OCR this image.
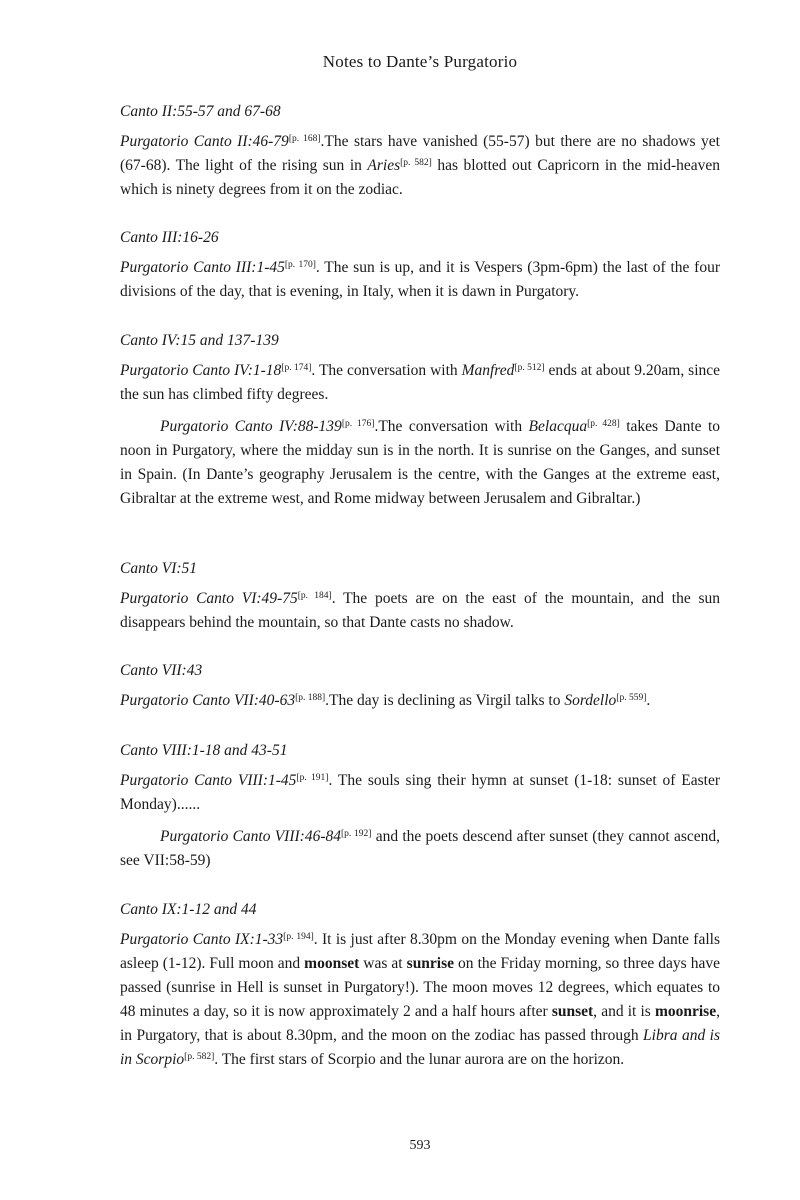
Notes to Dante’s Purgatorio
Canto II:55-57 and 67-68

Purgatorio Canto II:46-79[p. 168].The stars have vanished (55-57) but there are no shadows yet (67-68). The light of the rising sun in Aries[p. 582] has blotted out Capricorn in the mid-heaven which is ninety degrees from it on the zodiac.

Canto III:16-26

Purgatorio Canto III:1-45[p. 170]. The sun is up, and it is Vespers (3pm-6pm) the last of the four divisions of the day, that is evening, in Italy, when it is dawn in Purgatory.

Canto IV:15 and 137-139

Purgatorio Canto IV:1-18[p. 174]. The conversation with Manfred[p. 512] ends at about 9.20am, since the sun has climbed fifty degrees.

Purgatorio Canto IV:88-139[p. 176].The conversation with Belacqua[p. 428] takes Dante to noon in Purgatory, where the midday sun is in the north. It is sunrise on the Ganges, and sunset in Spain. (In Dante’s geography Jerusalem is the centre, with the Ganges at the extreme east, Gibraltar at the extreme west, and Rome midway between Jerusalem and Gibraltar.)

Canto VI:51

Purgatorio Canto VI:49-75[p. 184]. The poets are on the east of the mountain, and the sun disappears behind the mountain, so that Dante casts no shadow.

Canto VII:43

Purgatorio Canto VII:40-63[p. 188].The day is declining as Virgil talks to Sordello[p. 559].

Canto VIII:1-18 and 43-51

Purgatorio Canto VIII:1-45[p. 191]. The souls sing their hymn at sunset (1-18: sunset of Easter Monday)......

Purgatorio Canto VIII:46-84[p. 192] and the poets descend after sunset (they cannot ascend, see VII:58-59)

Canto IX:1-12 and 44

Purgatorio Canto IX:1-33[p. 194]. It is just after 8.30pm on the Monday evening when Dante falls asleep (1-12). Full moon and moonset was at sunrise on the Friday morning, so three days have passed (sunrise in Hell is sunset in Purgatory!). The moon moves 12 degrees, which equates to 48 minutes a day, so it is now approximately 2 and a half hours after sunset, and it is moonrise, in Purgatory, that is about 8.30pm, and the moon on the zodiac has passed through Libra and is in Scorpio[p. 582]. The first stars of Scorpio and the lunar aurora are on the horizon.

593
